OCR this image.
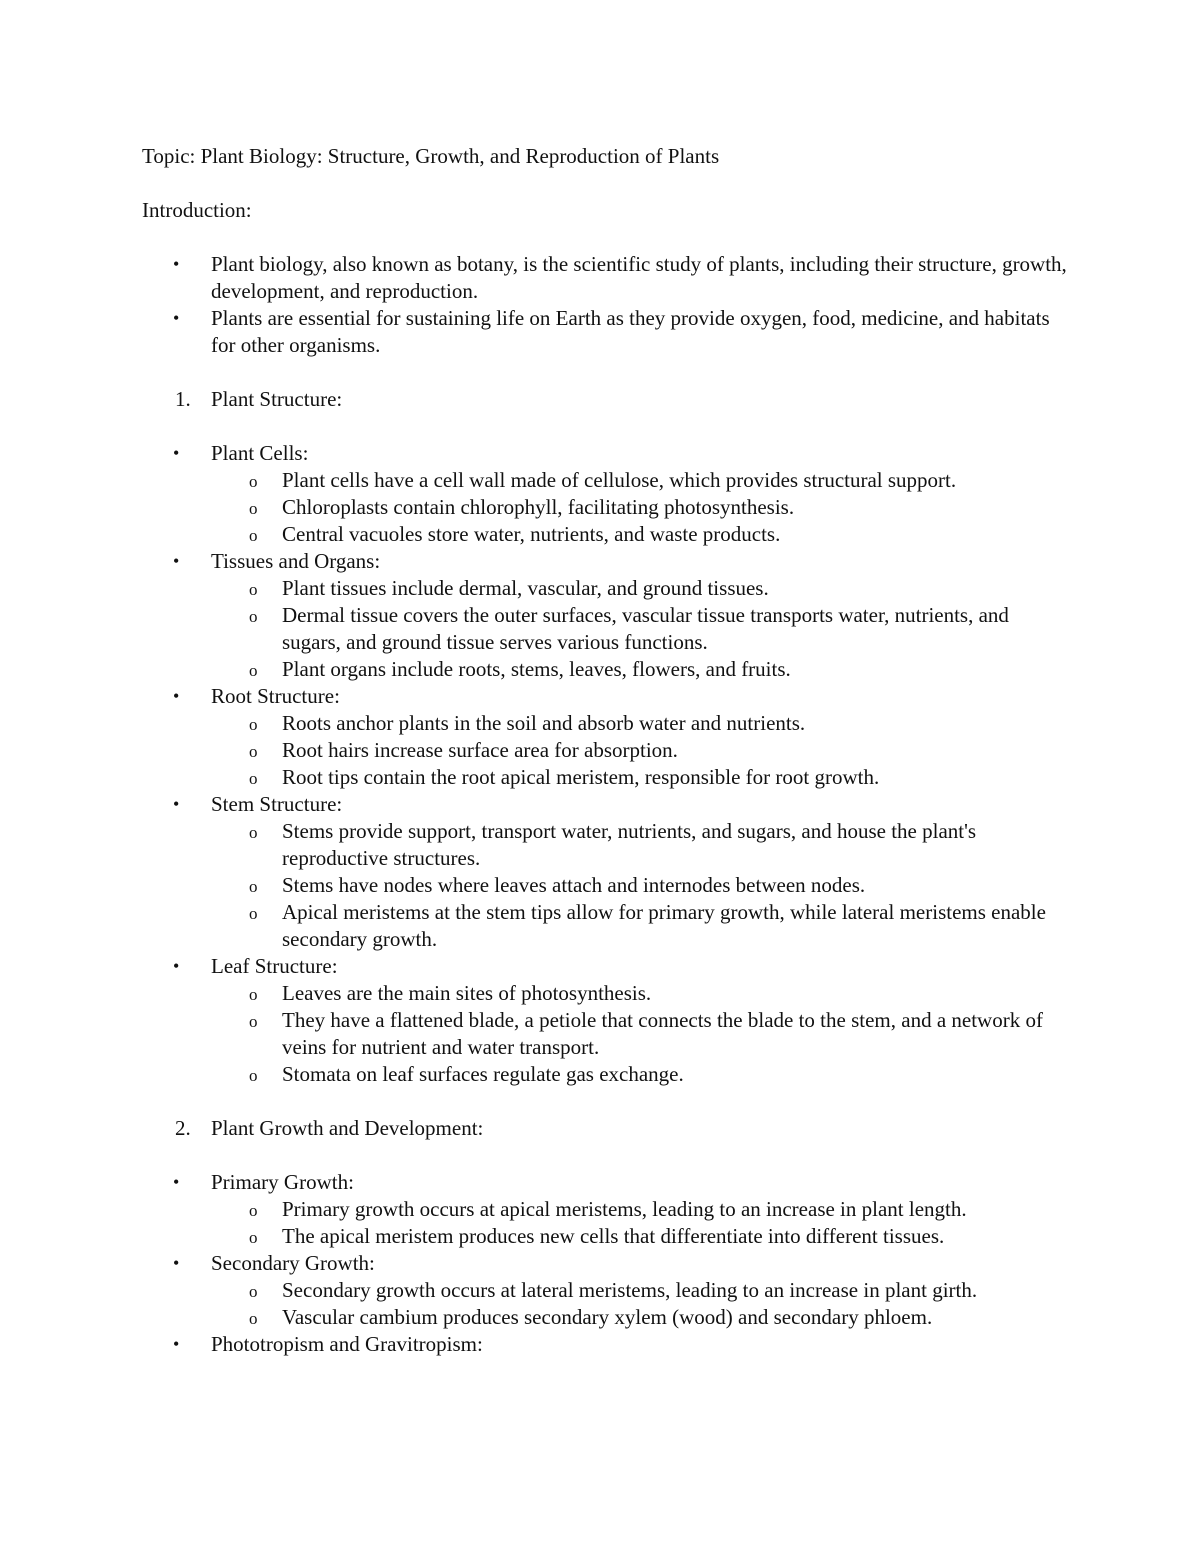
Topic: Plant Biology: Structure, Growth, and Reproduction of Plants

Introduction:

• Plant biology, also known as botany, is the scientific study of plants, including their structure, growth, development, and reproduction.
• Plants are essential for sustaining life on Earth as they provide oxygen, food, medicine, and habitats for other organisms.
1. Plant Structure:
• Plant Cells:
o Plant cells have a cell wall made of cellulose, which provides structural support.
o Chloroplasts contain chlorophyll, facilitating photosynthesis.
o Central vacuoles store water, nutrients, and waste products.
• Tissues and Organs:
o Plant tissues include dermal, vascular, and ground tissues.
o Dermal tissue covers the outer surfaces, vascular tissue transports water, nutrients, and sugars, and ground tissue serves various functions.
o Plant organs include roots, stems, leaves, flowers, and fruits.
• Root Structure:
o Roots anchor plants in the soil and absorb water and nutrients.
o Root hairs increase surface area for absorption.
o Root tips contain the root apical meristem, responsible for root growth.
• Stem Structure:
o Stems provide support, transport water, nutrients, and sugars, and house the plant's reproductive structures.
o Stems have nodes where leaves attach and internodes between nodes.
o Apical meristems at the stem tips allow for primary growth, while lateral meristems enable secondary growth.
• Leaf Structure:
o Leaves are the main sites of photosynthesis.
o They have a flattened blade, a petiole that connects the blade to the stem, and a network of veins for nutrient and water transport.
o Stomata on leaf surfaces regulate gas exchange.
2. Plant Growth and Development:
• Primary Growth:
o Primary growth occurs at apical meristems, leading to an increase in plant length.
o The apical meristem produces new cells that differentiate into different tissues.
• Secondary Growth:
o Secondary growth occurs at lateral meristems, leading to an increase in plant girth.
o Vascular cambium produces secondary xylem (wood) and secondary phloem.
• Phototropism and Gravitropism:
